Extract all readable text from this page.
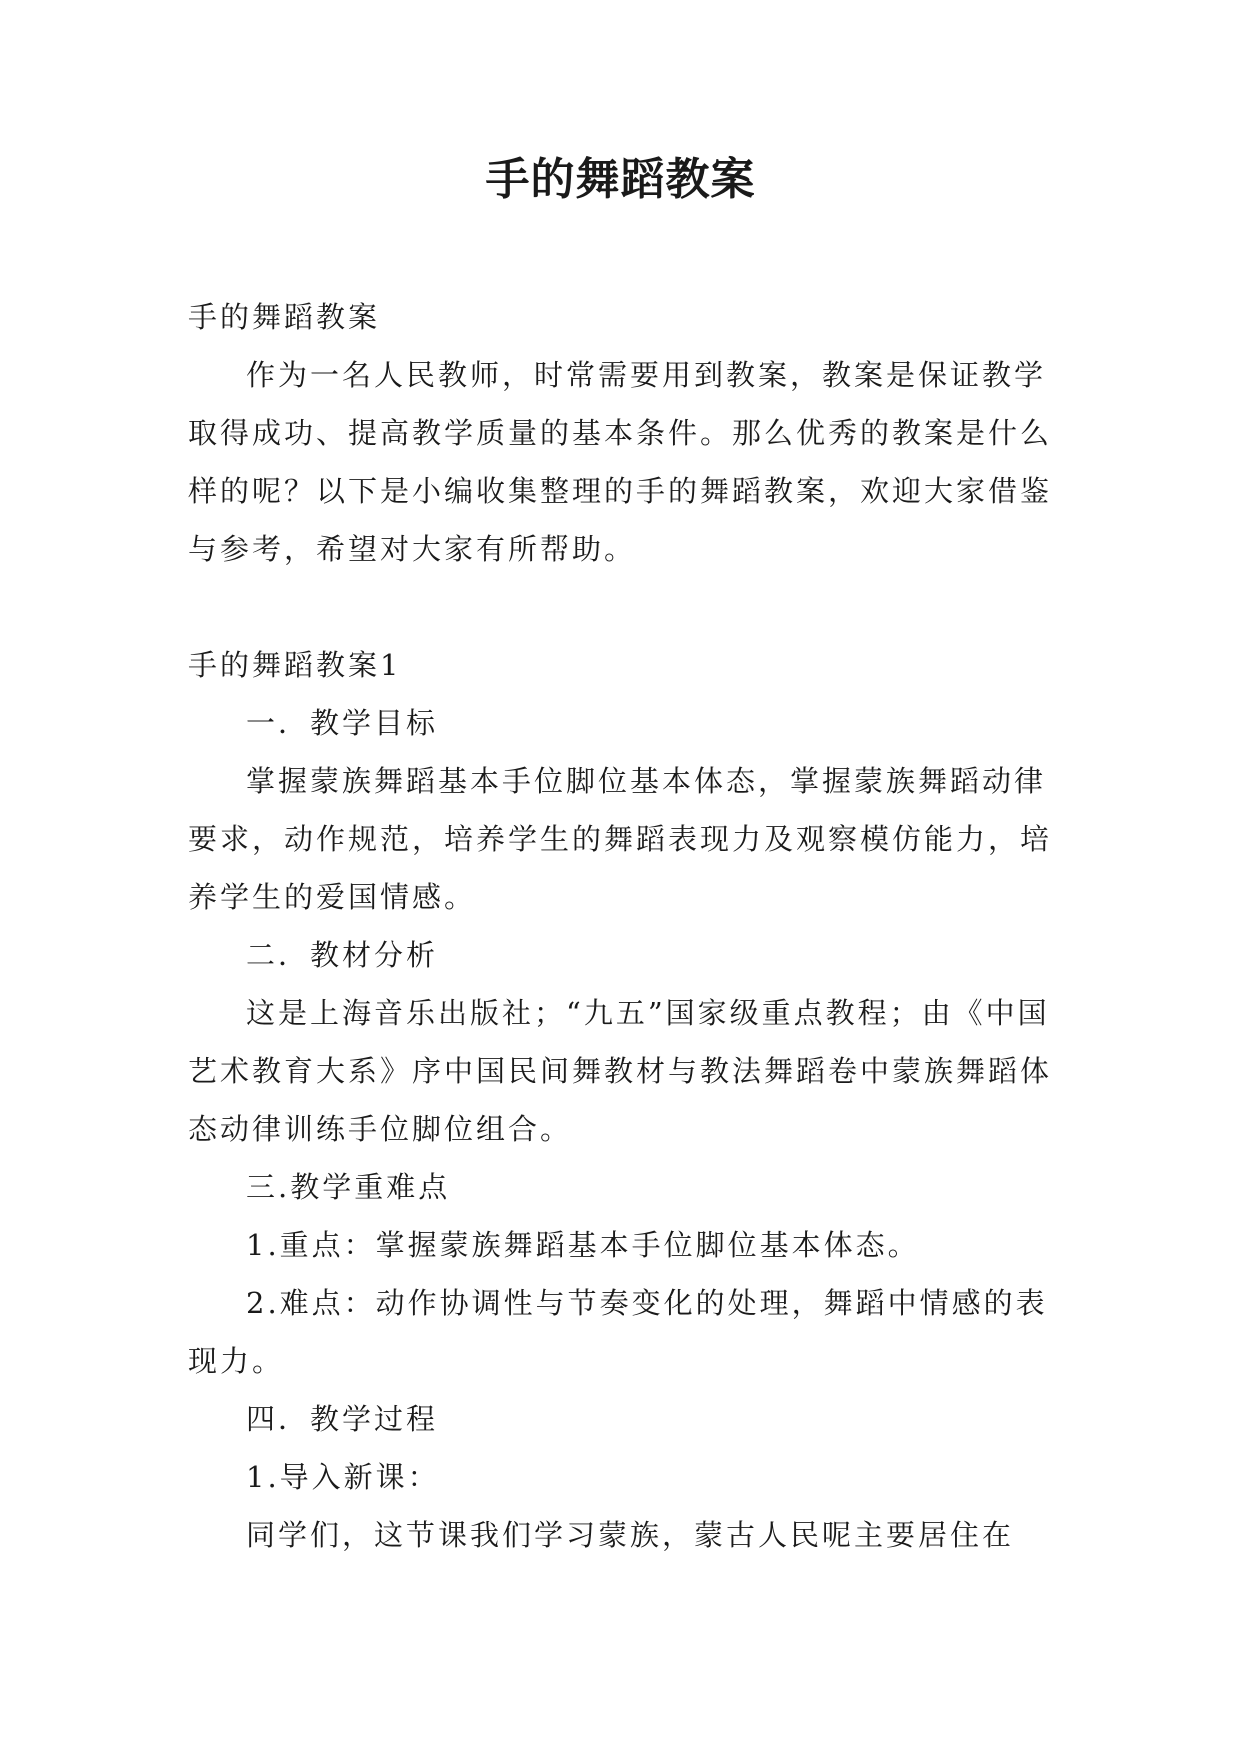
手的舞蹈教案

手的舞蹈教案

作为一名人民教师，时常需要用到教案，教案是保证教学取得成功、提高教学质量的基本条件。那么优秀的教案是什么样的呢？以下是小编收集整理的手的舞蹈教案，欢迎大家借鉴与参考，希望对大家有所帮助。

手的舞蹈教案1

一．教学目标

掌握蒙族舞蹈基本手位脚位基本体态，掌握蒙族舞蹈动律要求，动作规范，培养学生的舞蹈表现力及观察模仿能力，培养学生的爱国情感。

二．教材分析

这是上海音乐出版社；“九五”国家级重点教程；由《中国艺术教育大系》序中国民间舞教材与教法舞蹈卷中蒙族舞蹈体态动律训练手位脚位组合。

三.教学重难点

1.重点：掌握蒙族舞蹈基本手位脚位基本体态。

2.难点：动作协调性与节奏变化的处理，舞蹈中情感的表现力。

四．教学过程

1.导入新课：

同学们，这节课我们学习蒙族，蒙古人民呢主要居住在
